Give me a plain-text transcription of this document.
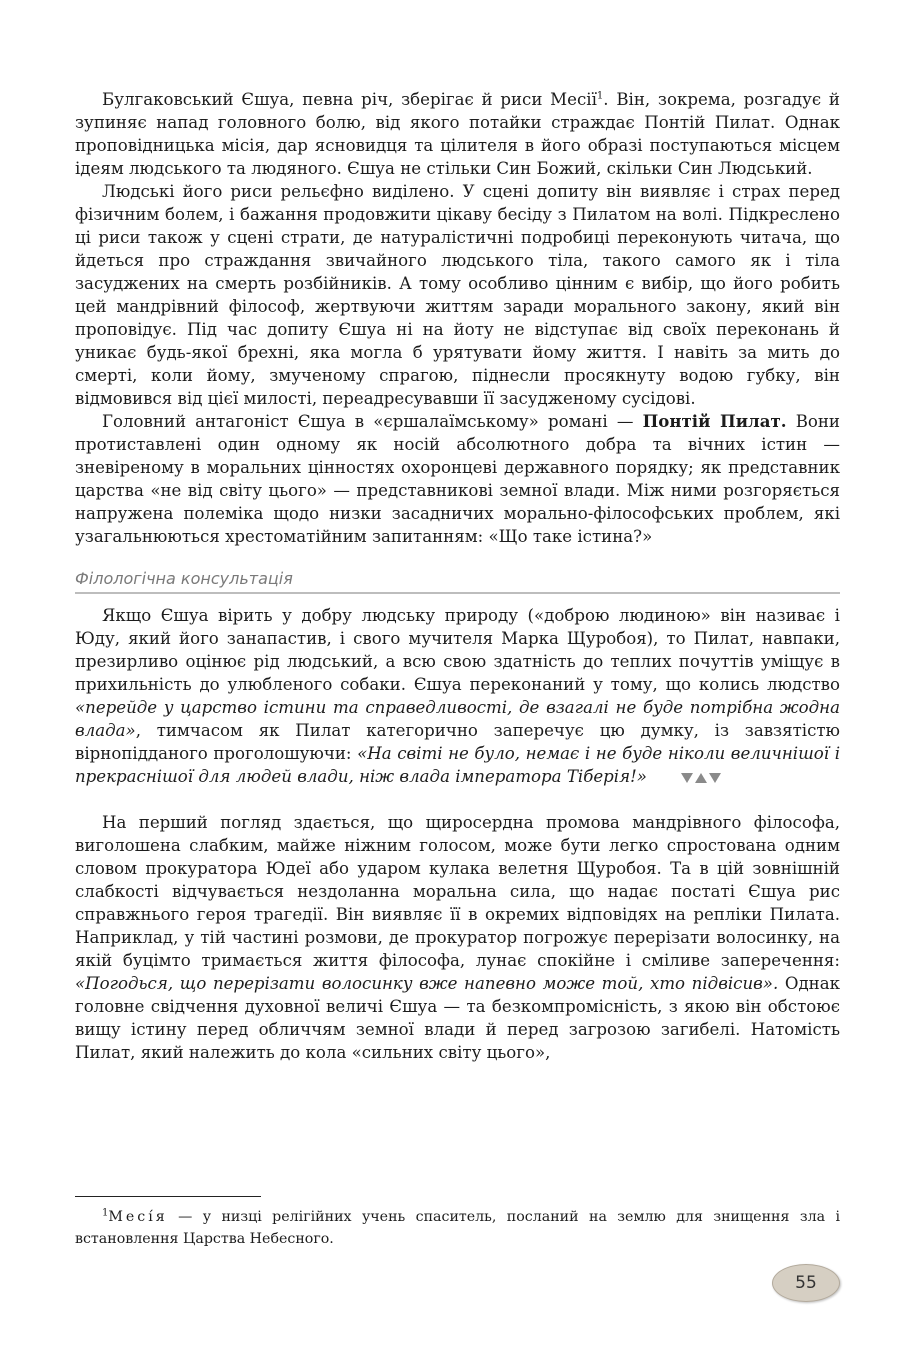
Булгаковський Єшуа, певна річ, зберігає й риси Месії$^1$. Він, зокрема, розгадує й зупиняє напад головного болю, від якого потайки страждає Понтій Пилат. Однак проповідницька місія, дар ясновидця та цілителя в його образі поступаються місцем ідеям людського та людяного. Єшуа не стільки Син Божий, скільки Син Людський.

Людські його риси рельєфно виділено. У сцені допиту він виявляє і страх перед фізичним болем, і бажання продовжити цікаву бесіду з Пилатом на волі. Підкреслено ці риси також у сцені страти, де натуралістичні подробиці переконують читача, що йдеться про страждання звичайного людського тіла, такого самого як і тіла засуджених на смерть розбійників. А тому особливо цінним є вибір, що його робить цей мандрівний філософ, жертвуючи життям заради морального закону, який він проповідує. Під час допиту Єшуа ні на йоту не відступає від своїх переконань й уникає будь-якої брехні, яка могла б урятувати йому життя. І навіть за мить до смерті, коли йому, змученому спрагою, піднесли просякнуту водою губку, він відмовився від цієї милості, переадресувавши її засудженому сусідові.

Головний антагоніст Єшуа в «єршалаїмському» романі — Понтій Пилат. Вони протиставлені один одному як носій абсолютного добра та вічних істин — зневіреному в моральних цінностях охоронцеві державного порядку; як представник царства «не від світу цього» — представникові земної влади. Між ними розгоряється напружена полеміка щодо низки засадничих морально-філософських проблем, які узагальнюються хрестоматійним запитанням: «Що таке істина?»

Філологічна консультація

Якщо Єшуа вірить у добру людську природу («доброю людиною» він називає і Юду, який його занапастив, і свого мучителя Марка Щуробоя), то Пилат, навпаки, презирливо оцінює рід людський, а всю свою здатність до теплих почуттів уміщує в прихильність до улюбленого собаки. Єшуа переконаний у тому, що колись людство «перейде у царство істини та справедливості, де взагалі не буде потрібна жодна влада», тимчасом як Пилат категорично заперечує цю думку, із завзятістю вірнопідданого проголошуючи: «На світі не було, немає і не буде ніколи величнішої і прекраснішої для людей влади, ніж влада імператора Тіберія!»

На перший погляд здається, що щиросердна промова мандрівного філософа, виголошена слабким, майже ніжним голосом, може бути легко спростована одним словом прокуратора Юдеї або ударом кулака велетня Щуробоя. Та в цій зовнішній слабкості відчувається нездоланна моральна сила, що надає постаті Єшуа рис справжнього героя трагедії. Він виявляє її в окремих відповідях на репліки Пилата. Наприклад, у тій частині розмови, де прокуратор погрожує перерізати волосинку, на якій буцімто тримається життя філософа, лунає спокійне і сміливе заперечення: «Погодься, що перерізати волосинку вже напевно може той, хто підвісив». Однак головне свідчення духовної величі Єшуа — та безкомпромісність, з якою він обстоює вищу істину перед обличчям земної влади й перед загрозою загибелі. Натомість Пилат, який належить до кола «сильних світу цього»,

$^1$Месíя — у низці релігійних учень спаситель, посланий на землю для знищення зла і встановлення Царства Небесного.
55
